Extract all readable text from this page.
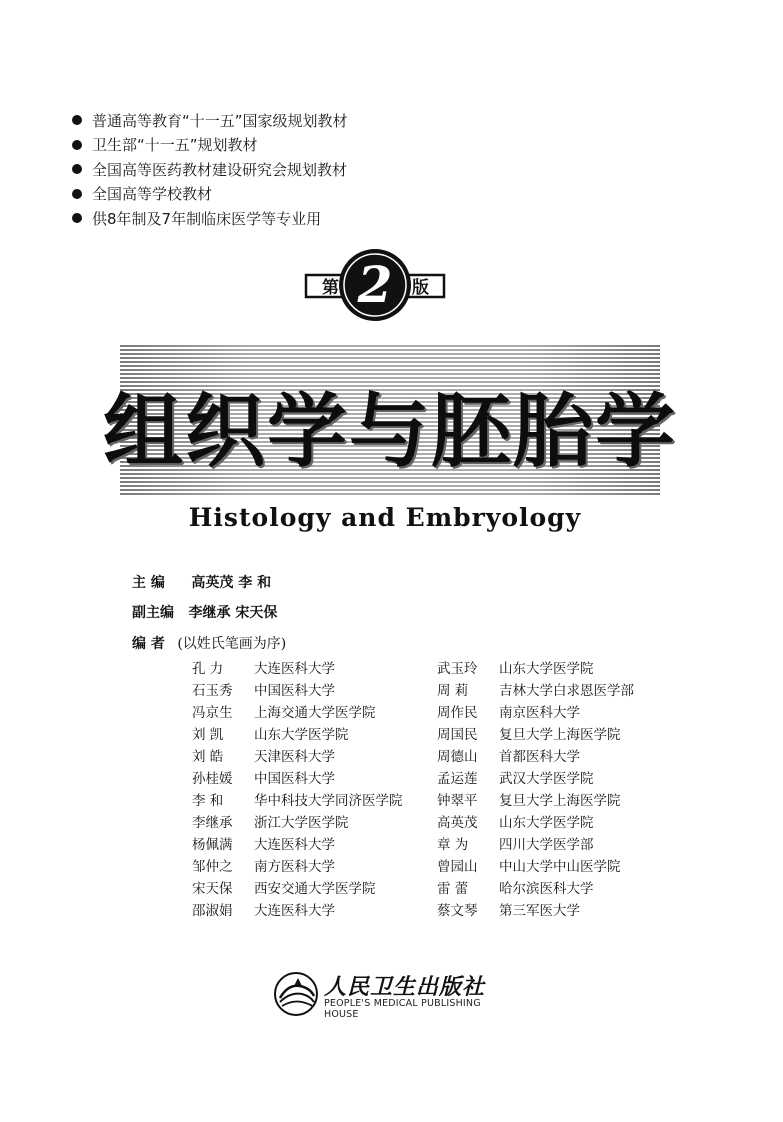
普通高等教育“十一五”国家级规划教材
卫生部“十一五”规划教材
全国高等医药教材建设研究会规划教材
全国高等学校教材
供8年制及7年制临床医学等专业用
第 2 版
组织学与胚胎学
Histology and Embryology
主 编 高英茂 李 和
副主编 李继承 宋天保
编 者 (以姓氏笔画为序)
孔 力 大连医科大学
石玉秀 中国医科大学
冯京生 上海交通大学医学院
刘 凯 山东大学医学院
刘 皓 天津医科大学
孙桂媛 中国医科大学
李 和 华中科技大学同济医学院
李继承 浙江大学医学院
杨佩满 大连医科大学
邹仲之 南方医科大学
宋天保 西安交通大学医学院
邵淑娟 大连医科大学
武玉玲 山东大学医学院
周 莉 吉林大学白求恩医学部
周作民 南京医科大学
周国民 复旦大学上海医学院
周德山 首都医科大学
孟运莲 武汉大学医学院
钟翠平 复旦大学上海医学院
高英茂 山东大学医学院
章 为 四川大学医学部
曾园山 中山大学中山医学院
雷 蕾 哈尔滨医科大学
蔡文琴 第三军医大学
人民卫生出版社
PEOPLE'S MEDICAL PUBLISHING HOUSE
